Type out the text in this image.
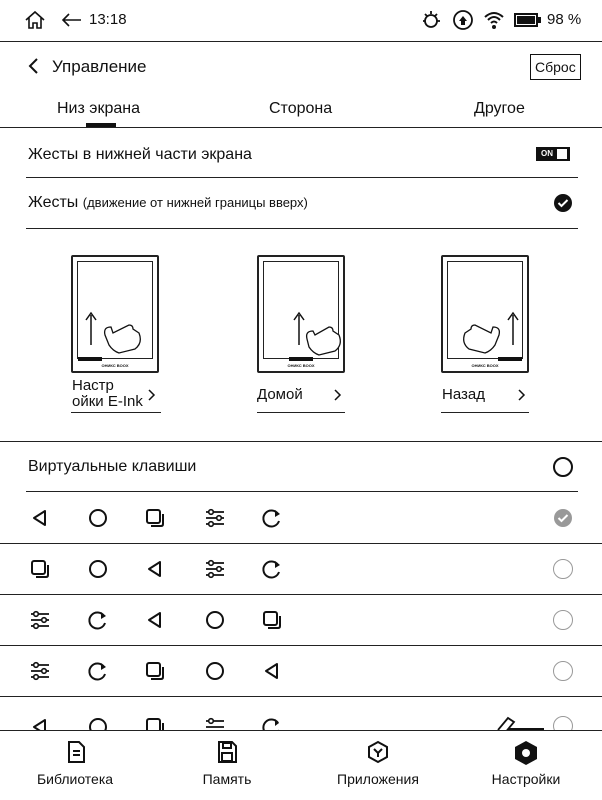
13:18	98 %
Управление	Сброс
Низ экрана	Сторона	Другое
Жесты в нижней части экрана	ON
Жесты (движение от нижней границы вверх)
ОНИКС BOOX
Настр
ойки E-Ink
ОНИКС BOOX
Домой
ОНИКС BOOX
Назад
Виртуальные клавиши
Библиотека	Память	Приложения	Настройки
